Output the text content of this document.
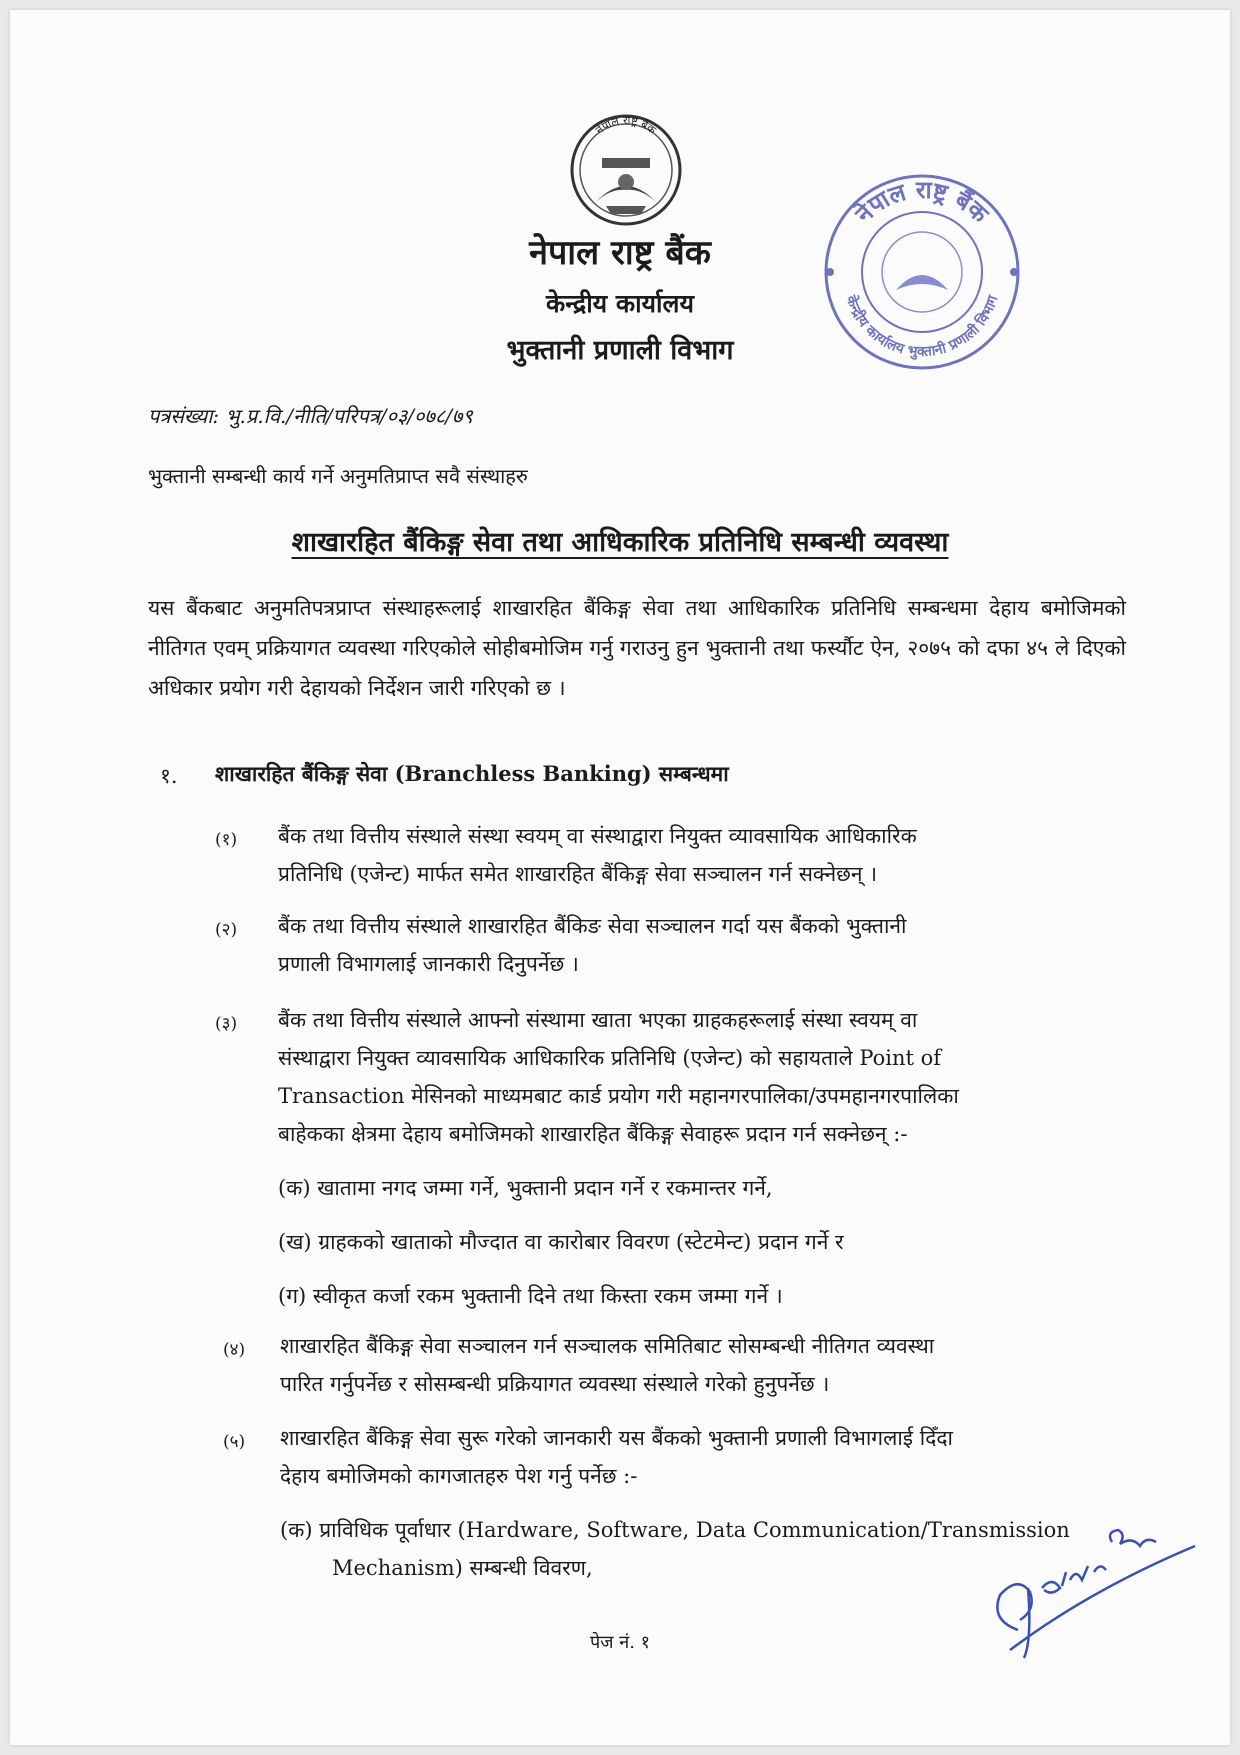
नेपाल राष्ट्र बैंक
नेपाल राष्ट्र बैंक
केन्द्रीय कार्यालय भुक्तानी प्रणाली विभाग
नेपाल राष्ट्र बैंक
केन्द्रीय कार्यालय
भुक्तानी प्रणाली विभाग
पत्रसंख्या: भु.प्र.वि./नीति/परिपत्र/०३/०७८/७९
भुक्तानी सम्बन्धी कार्य गर्ने अनुमतिप्राप्त सवै संस्थाहरु
शाखारहित बैंकिङ्ग सेवा तथा आधिकारिक प्रतिनिधि सम्बन्धी व्यवस्था
यस बैंकबाट अनुमतिपत्रप्राप्त संस्थाहरूलाई शाखारहित बैंकिङ्ग सेवा तथा आधिकारिक प्रतिनिधि सम्बन्धमा देहाय बमोजिमको नीतिगत एवम् प्रक्रियागत व्यवस्था गरिएकोले सोहीबमोजिम गर्नु गराउनु हुन भुक्तानी तथा फर्स्यौट ऐन, २०७५ को दफा ४५ ले दिएको अधिकार प्रयोग गरी देहायको निर्देशन जारी गरिएको छ ।
१. शाखारहित बैंकिङ्ग सेवा (Branchless Banking) सम्बन्धमा
(१)	बैंक तथा वित्तीय संस्थाले संस्था स्वयम् वा संस्थाद्वारा नियुक्त व्यावसायिक आधिकारिक
प्रतिनिधि (एजेन्ट) मार्फत समेत शाखारहित बैंकिङ्ग सेवा सञ्चालन गर्न सक्नेछन् ।
(२)	बैंक तथा वित्तीय संस्थाले शाखारहित बैंकिङ सेवा सञ्चालन गर्दा यस बैंकको भुक्तानी
प्रणाली विभागलाई जानकारी दिनुपर्नेछ ।
(३)	बैंक तथा वित्तीय संस्थाले आफ्नो संस्थामा खाता भएका ग्राहकहरूलाई संस्था स्वयम् वा
संस्थाद्वारा नियुक्त व्यावसायिक आधिकारिक प्रतिनिधि (एजेन्ट) को सहायताले Point of
Transaction मेसिनको माध्यमबाट कार्ड प्रयोग गरी महानगरपालिका/उपमहानगरपालिका
बाहेकका क्षेत्रमा देहाय बमोजिमको शाखारहित बैंकिङ्ग सेवाहरू प्रदान गर्न सक्नेछन् :-
(क) खातामा नगद जम्मा गर्ने, भुक्तानी प्रदान गर्ने र रकमान्तर गर्ने,
(ख) ग्राहकको खाताको मौज्दात वा कारोबार विवरण (स्टेटमेन्ट) प्रदान गर्ने र
(ग) स्वीकृत कर्जा रकम भुक्तानी दिने तथा किस्ता रकम जम्मा गर्ने ।
(४)	शाखारहित बैंकिङ्ग सेवा सञ्चालन गर्न सञ्चालक समितिबाट सोसम्बन्धी नीतिगत व्यवस्था
पारित गर्नुपर्नेछ र सोसम्बन्धी प्रक्रियागत व्यवस्था संस्थाले गरेको हुनुपर्नेछ ।
(५)	शाखारहित बैंकिङ्ग सेवा सुरू गरेको जानकारी यस बैंकको भुक्तानी प्रणाली विभागलाई दिँदा
देहाय बमोजिमको कागजातहरु पेश गर्नु पर्नेछ :-
(क) प्राविधिक पूर्वाधार (Hardware, Software, Data Communication/Transmission
Mechanism) सम्बन्धी विवरण,
पेज नं. १
